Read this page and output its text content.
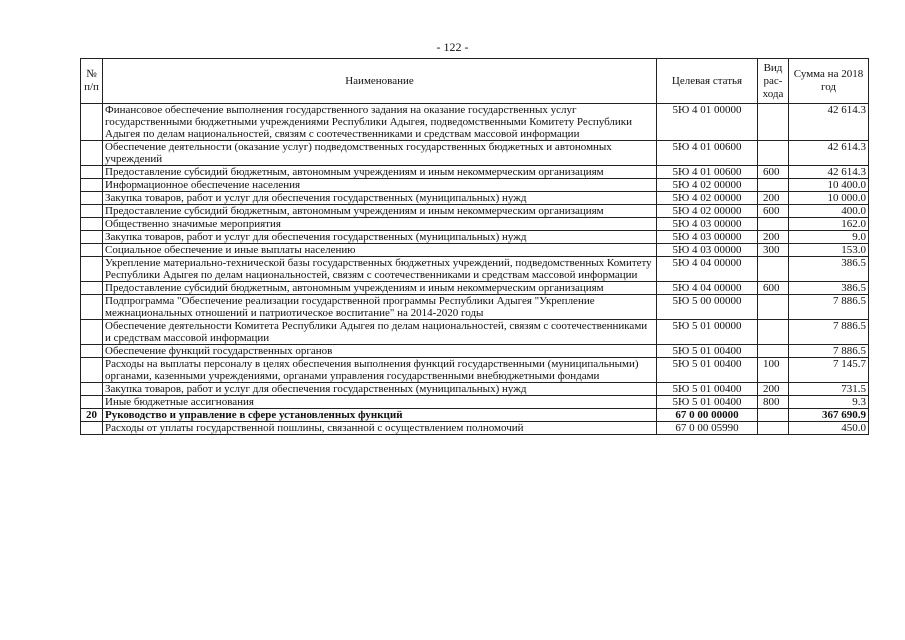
- 122 -
№ п/п	Наименование	Целевая статья	Вид рас-хода	Сумма на 2018 год
	Финансовое обеспечение выполнения государственного задания на оказание государственных услуг государственными бюджетными учреждениями Республики Адыгея, подведомственными Комитету Республики Адыгея по делам национальностей, связям с соотечественниками и средствам массовой информации	5Ю 4 01 00000		42 614.3
	Обеспечение деятельности (оказание услуг) подведомственных государственных бюджетных и автономных учреждений	5Ю 4 01 00600		42 614.3
	Предоставление субсидий бюджетным, автономным учреждениям и иным некоммерческим организациям	5Ю 4 01 00600	600	42 614.3
	Информационное обеспечение населения	5Ю 4 02 00000		10 400.0
	Закупка товаров, работ и услуг для обеспечения государственных (муниципальных) нужд	5Ю 4 02 00000	200	10 000.0
	Предоставление субсидий бюджетным, автономным учреждениям и иным некоммерческим организациям	5Ю 4 02 00000	600	400.0
	Общественно значимые мероприятия	5Ю 4 03 00000		162.0
	Закупка товаров, работ и услуг для обеспечения государственных (муниципальных) нужд	5Ю 4 03 00000	200	9.0
	Социальное обеспечение и иные выплаты населению	5Ю 4 03 00000	300	153.0
	Укрепление материально-технической базы государственных бюджетных учреждений, подведомственных Комитету Республики Адыгея по делам национальностей, связям с соотечественниками и средствам массовой информации	5Ю 4 04 00000		386.5
	Предоставление субсидий бюджетным, автономным учреждениям и иным некоммерческим организациям	5Ю 4 04 00000	600	386.5
	Подпрограмма "Обеспечение реализации государственной программы Республики Адыгея "Укрепление межнациональных отношений и патриотическое воспитание" на 2014-2020 годы	5Ю 5 00 00000		7 886.5
	Обеспечение деятельности Комитета Республики Адыгея по делам национальностей, связям с соотечественниками и средствам массовой информации	5Ю 5 01 00000		7 886.5
	Обеспечение функций государственных органов	5Ю 5 01 00400		7 886.5
	Расходы на выплаты персоналу в целях обеспечения выполнения функций государственными (муниципальными) органами, казенными учреждениями, органами управления государственными внебюджетными фондами	5Ю 5 01 00400	100	7 145.7
	Закупка товаров, работ и услуг для обеспечения государственных (муниципальных) нужд	5Ю 5 01 00400	200	731.5
	Иные бюджетные ассигнования	5Ю 5 01 00400	800	9.3
20	Руководство и управление в сфере установленных функций	67 0 00 00000		367 690.9
	Расходы от уплаты государственной пошлины, связанной с осуществлением полномочий	67 0 00 05990		450.0
